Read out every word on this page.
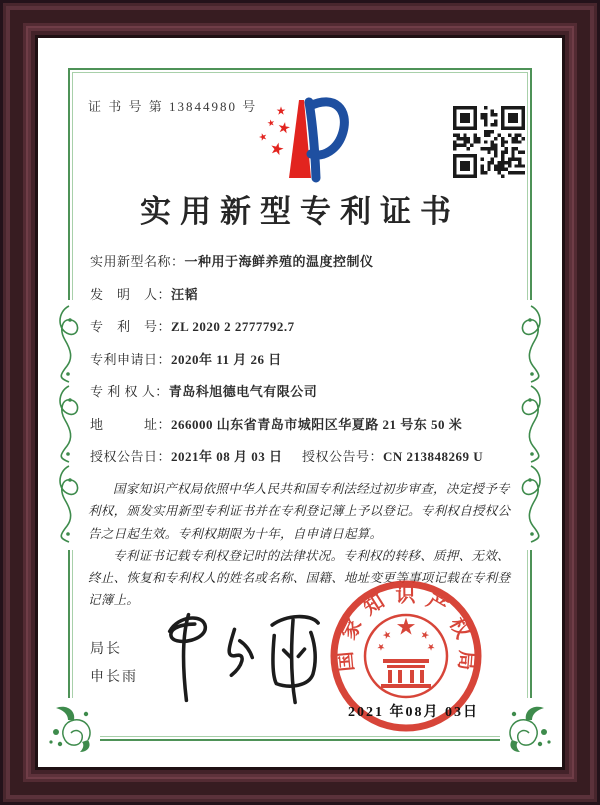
证 书 号 第 13844980 号
实用新型专利证书
实用新型名称：一种用于海鲜养殖的温度控制仪
发　明　人：汪韬
专　利　号：ZL 2020 2 2777792.7
专利申请日：2020年 11 月 26 日
专 利 权 人：青岛科旭德电气有限公司
地　　　址：266000 山东省青岛市城阳区华夏路 21 号东 50 米
授权公告日：2021年 08 月 03 日 授权公告号：CN 213848269 U

国家知识产权局依照中华人民共和国专利法经过初步审查，决定授予专利权，颁发实用新型专利证书并在专利登记簿上予以登记。专利权自授权公告之日起生效。专利权期限为十年，自申请日起算。

专利证书记载专利权登记时的法律状况。专利权的转移、质押、无效、终止、恢复和专利权人的姓名或名称、国籍、地址变更等事项记载在专利登记簿上。

局长
申长雨
国家知识产权局
2021 年08月 03日
